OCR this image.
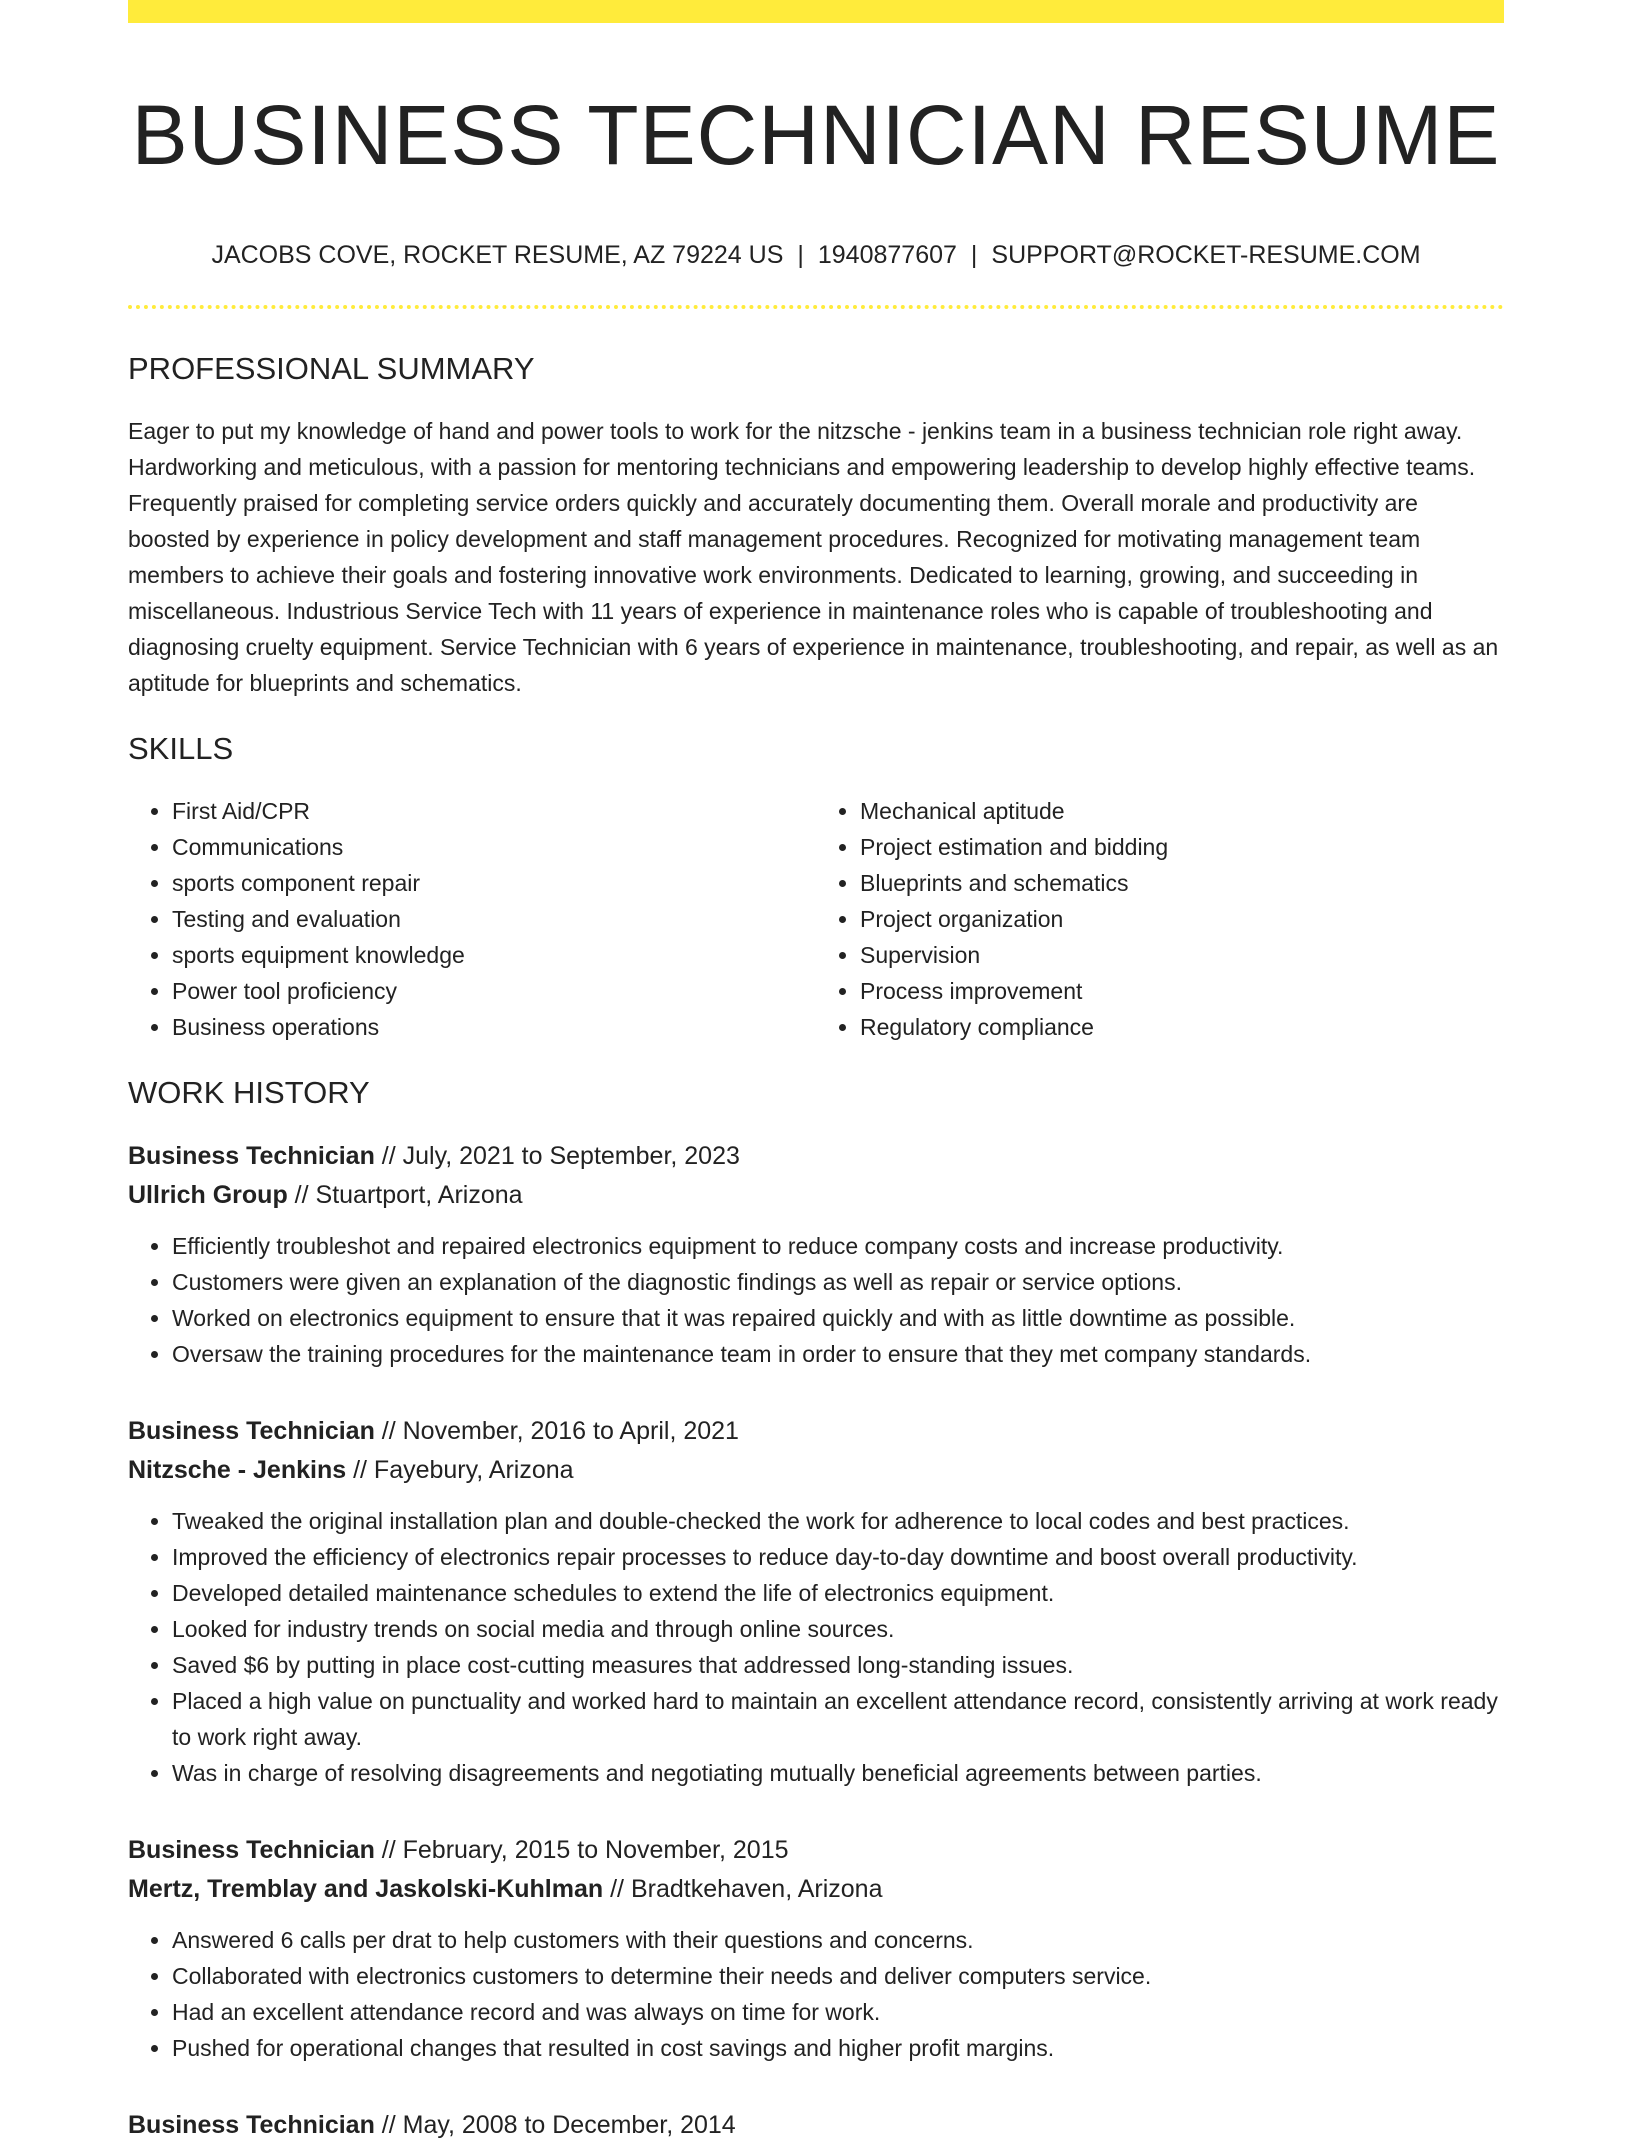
BUSINESS TECHNICIAN RESUME
JACOBS COVE, ROCKET RESUME, AZ 79224 US | 1940877607 | SUPPORT@ROCKET-RESUME.COM
PROFESSIONAL SUMMARY

Eager to put my knowledge of hand and power tools to work for the nitzsche - jenkins team in a business technician role right away. Hardworking and meticulous, with a passion for mentoring technicians and empowering leadership to develop highly effective teams. Frequently praised for completing service orders quickly and accurately documenting them. Overall morale and productivity are boosted by experience in policy development and staff management procedures. Recognized for motivating management team members to achieve their goals and fostering innovative work environments. Dedicated to learning, growing, and succeeding in miscellaneous. Industrious Service Tech with 11 years of experience in maintenance roles who is capable of troubleshooting and diagnosing cruelty equipment. Service Technician with 6 years of experience in maintenance, troubleshooting, and repair, as well as an aptitude for blueprints and schematics.

SKILLS
• First Aid/CPR
• Communications
• sports component repair
• Testing and evaluation
• sports equipment knowledge
• Power tool proficiency
• Business operations
• Mechanical aptitude
• Project estimation and bidding
• Blueprints and schematics
• Project organization
• Supervision
• Process improvement
• Regulatory compliance
WORK HISTORY
Business Technician // July, 2021 to September, 2023
Ullrich Group // Stuartport, Arizona
• Efficiently troubleshot and repaired electronics equipment to reduce company costs and increase productivity.
• Customers were given an explanation of the diagnostic findings as well as repair or service options.
• Worked on electronics equipment to ensure that it was repaired quickly and with as little downtime as possible.
• Oversaw the training procedures for the maintenance team in order to ensure that they met company standards.
Business Technician // November, 2016 to April, 2021
Nitzsche - Jenkins // Fayebury, Arizona
• Tweaked the original installation plan and double-checked the work for adherence to local codes and best practices.
• Improved the efficiency of electronics repair processes to reduce day-to-day downtime and boost overall productivity.
• Developed detailed maintenance schedules to extend the life of electronics equipment.
• Looked for industry trends on social media and through online sources.
• Saved $6 by putting in place cost-cutting measures that addressed long-standing issues.
• Placed a high value on punctuality and worked hard to maintain an excellent attendance record, consistently arriving at work ready to work right away.
• Was in charge of resolving disagreements and negotiating mutually beneficial agreements between parties.
Business Technician // February, 2015 to November, 2015
Mertz, Tremblay and Jaskolski-Kuhlman // Bradtkehaven, Arizona
• Answered 6 calls per drat to help customers with their questions and concerns.
• Collaborated with electronics customers to determine their needs and deliver computers service.
• Had an excellent attendance record and was always on time for work.
• Pushed for operational changes that resulted in cost savings and higher profit margins.
Business Technician // May, 2008 to December, 2014
